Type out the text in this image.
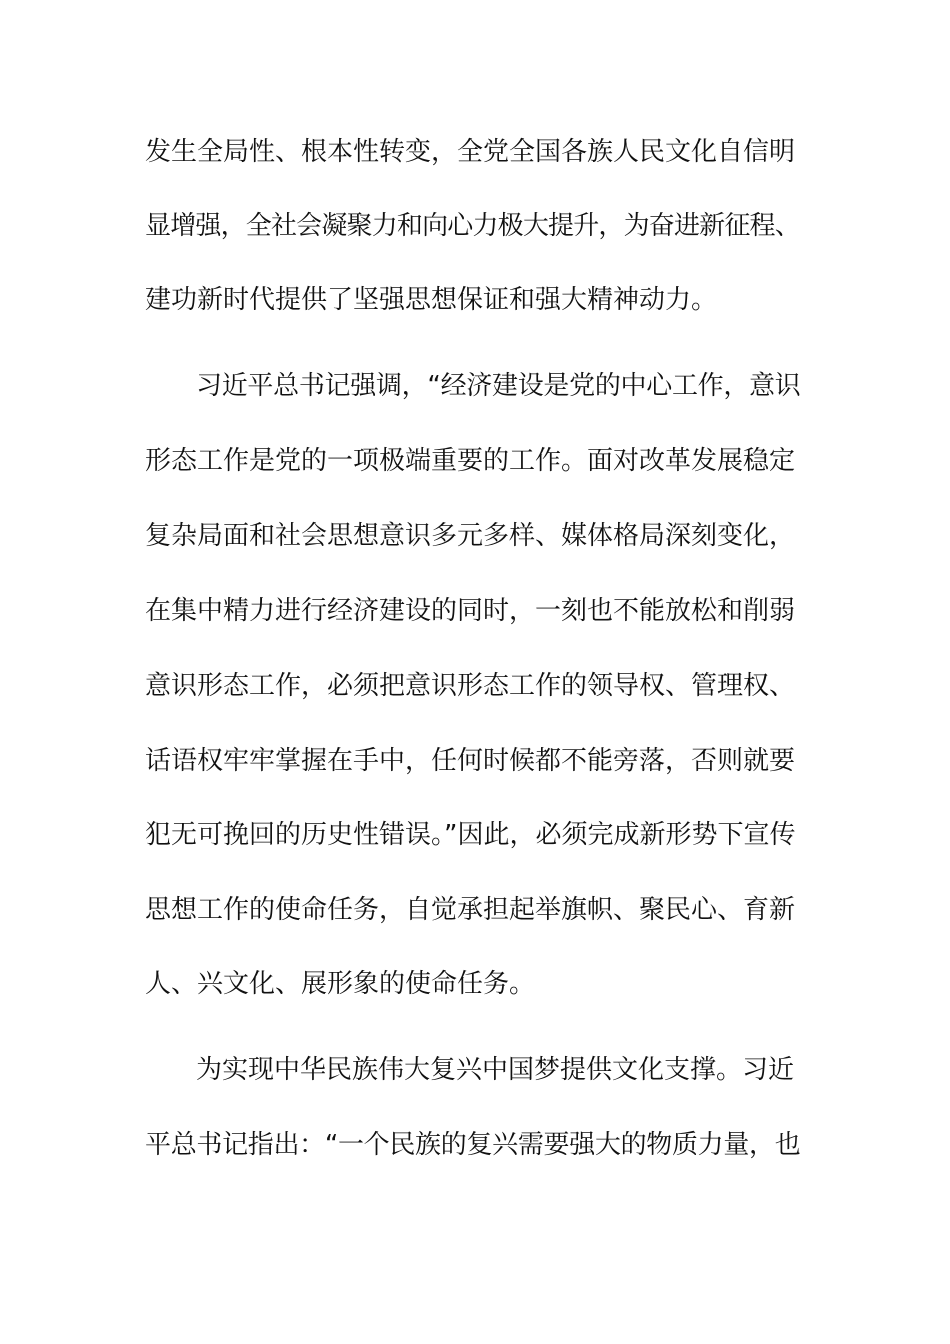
发生全局性、根本性转变，全党全国各族人民文化自信明
显增强，全社会凝聚力和向心力极大提升，为奋进新征程、
建功新时代提供了坚强思想保证和强大精神动力。
习近平总书记强调，“经济建设是党的中心工作，意识
形态工作是党的一项极端重要的工作。面对改革发展稳定
复杂局面和社会思想意识多元多样、媒体格局深刻变化，
在集中精力进行经济建设的同时，一刻也不能放松和削弱
意识形态工作，必须把意识形态工作的领导权、管理权、
话语权牢牢掌握在手中，任何时候都不能旁落，否则就要
犯无可挽回的历史性错误。”因此，必须完成新形势下宣传
思想工作的使命任务，自觉承担起举旗帜、聚民心、育新
人、兴文化、展形象的使命任务。
为实现中华民族伟大复兴中国梦提供文化支撑。习近
平总书记指出：“一个民族的复兴需要强大的物质力量，也
